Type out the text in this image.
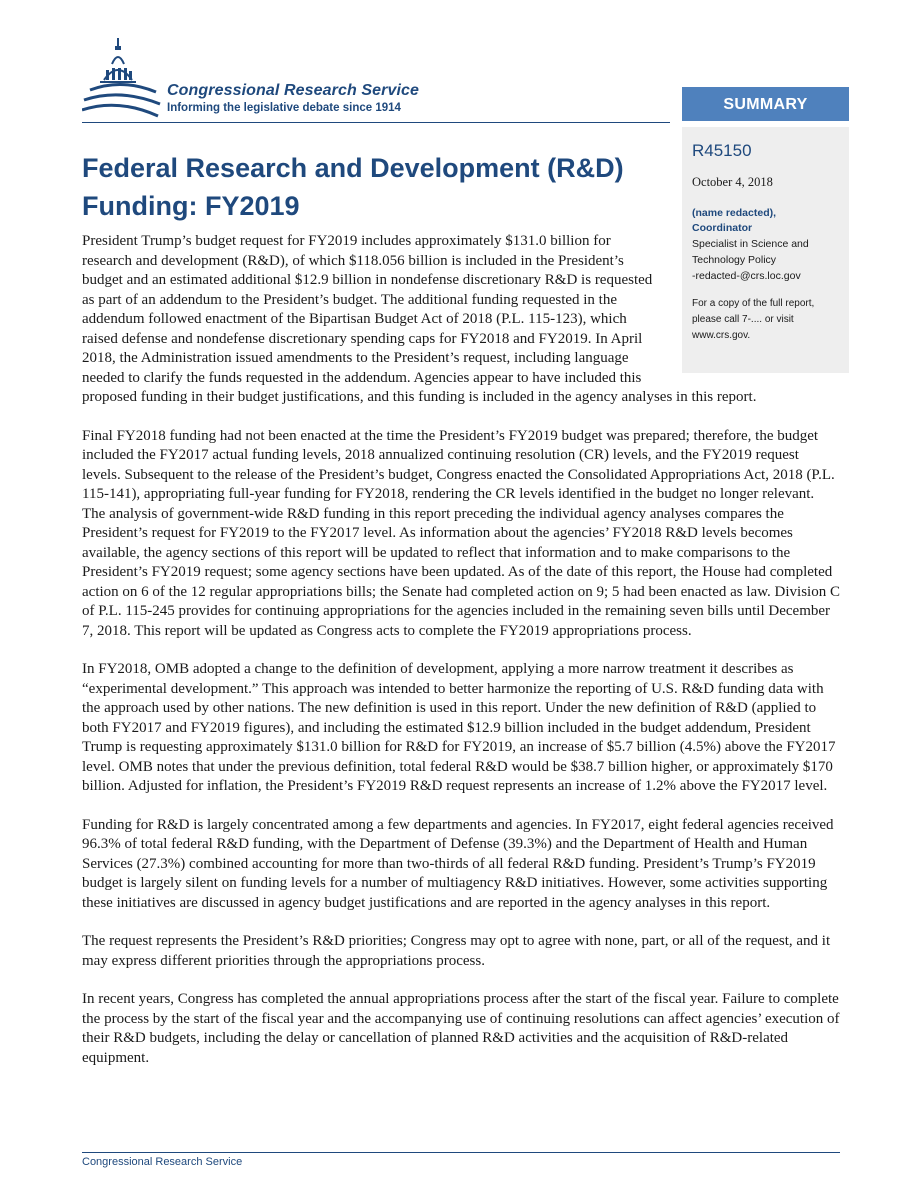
Congressional Research Service
Informing the legislative debate since 1914	SUMMARY
R45150
October 4, 2018
(name redacted),
Coordinator
Specialist in Science and
Technology Policy
-redacted-@crs.loc.gov
For a copy of the full report, please call 7-.... or visit www.crs.gov.
Federal Research and Development (R&D) Funding: FY2019

President Trump’s budget request for FY2019 includes approximately $131.0 billion for research and development (R&D), of which $118.056 billion is included in the President’s budget and an estimated additional $12.9 billion in nondefense discretionary R&D is requested as part of an addendum to the President’s budget. The additional funding requested in the addendum followed enactment of the Bipartisan Budget Act of 2018 (P.L. 115-123), which raised defense and nondefense discretionary spending caps for FY2018 and FY2019. In April 2018, the Administration issued amendments to the President’s request, including language needed to clarify the funds requested in the addendum. Agencies appear to have included this proposed funding in their budget justifications, and this funding is included in the agency analyses in this report.

Final FY2018 funding had not been enacted at the time the President’s FY2019 budget was prepared; therefore, the budget included the FY2017 actual funding levels, 2018 annualized continuing resolution (CR) levels, and the FY2019 request levels. Subsequent to the release of the President’s budget, Congress enacted the Consolidated Appropriations Act, 2018 (P.L. 115-141), appropriating full-year funding for FY2018, rendering the CR levels identified in the budget no longer relevant. The analysis of government-wide R&D funding in this report preceding the individual agency analyses compares the President’s request for FY2019 to the FY2017 level. As information about the agencies’ FY2018 R&D levels becomes available, the agency sections of this report will be updated to reflect that information and to make comparisons to the President’s FY2019 request; some agency sections have been updated. As of the date of this report, the House had completed action on 6 of the 12 regular appropriations bills; the Senate had completed action on 9; 5 had been enacted as law. Division C of P.L. 115-245 provides for continuing appropriations for the agencies included in the remaining seven bills until December 7, 2018. This report will be updated as Congress acts to complete the FY2019 appropriations process.

In FY2018, OMB adopted a change to the definition of development, applying a more narrow treatment it describes as “experimental development.” This approach was intended to better harmonize the reporting of U.S. R&D funding data with the approach used by other nations. The new definition is used in this report. Under the new definition of R&D (applied to both FY2017 and FY2019 figures), and including the estimated $12.9 billion included in the budget addendum, President Trump is requesting approximately $131.0 billion for R&D for FY2019, an increase of $5.7 billion (4.5%) above the FY2017 level. OMB notes that under the previous definition, total federal R&D would be $38.7 billion higher, or approximately $170 billion. Adjusted for inflation, the President’s FY2019 R&D request represents an increase of 1.2% above the FY2017 level.

Funding for R&D is largely concentrated among a few departments and agencies. In FY2017, eight federal agencies received 96.3% of total federal R&D funding, with the Department of Defense (39.3%) and the Department of Health and Human Services (27.3%) combined accounting for more than two-thirds of all federal R&D funding. President’s Trump’s FY2019 budget is largely silent on funding levels for a number of multiagency R&D initiatives. However, some activities supporting these initiatives are discussed in agency budget justifications and are reported in the agency analyses in this report.

The request represents the President’s R&D priorities; Congress may opt to agree with none, part, or all of the request, and it may express different priorities through the appropriations process.

In recent years, Congress has completed the annual appropriations process after the start of the fiscal year. Failure to complete the process by the start of the fiscal year and the accompanying use of continuing resolutions can affect agencies’ execution of their R&D budgets, including the delay or cancellation of planned R&D activities and the acquisition of R&D-related equipment.

Congressional Research Service
